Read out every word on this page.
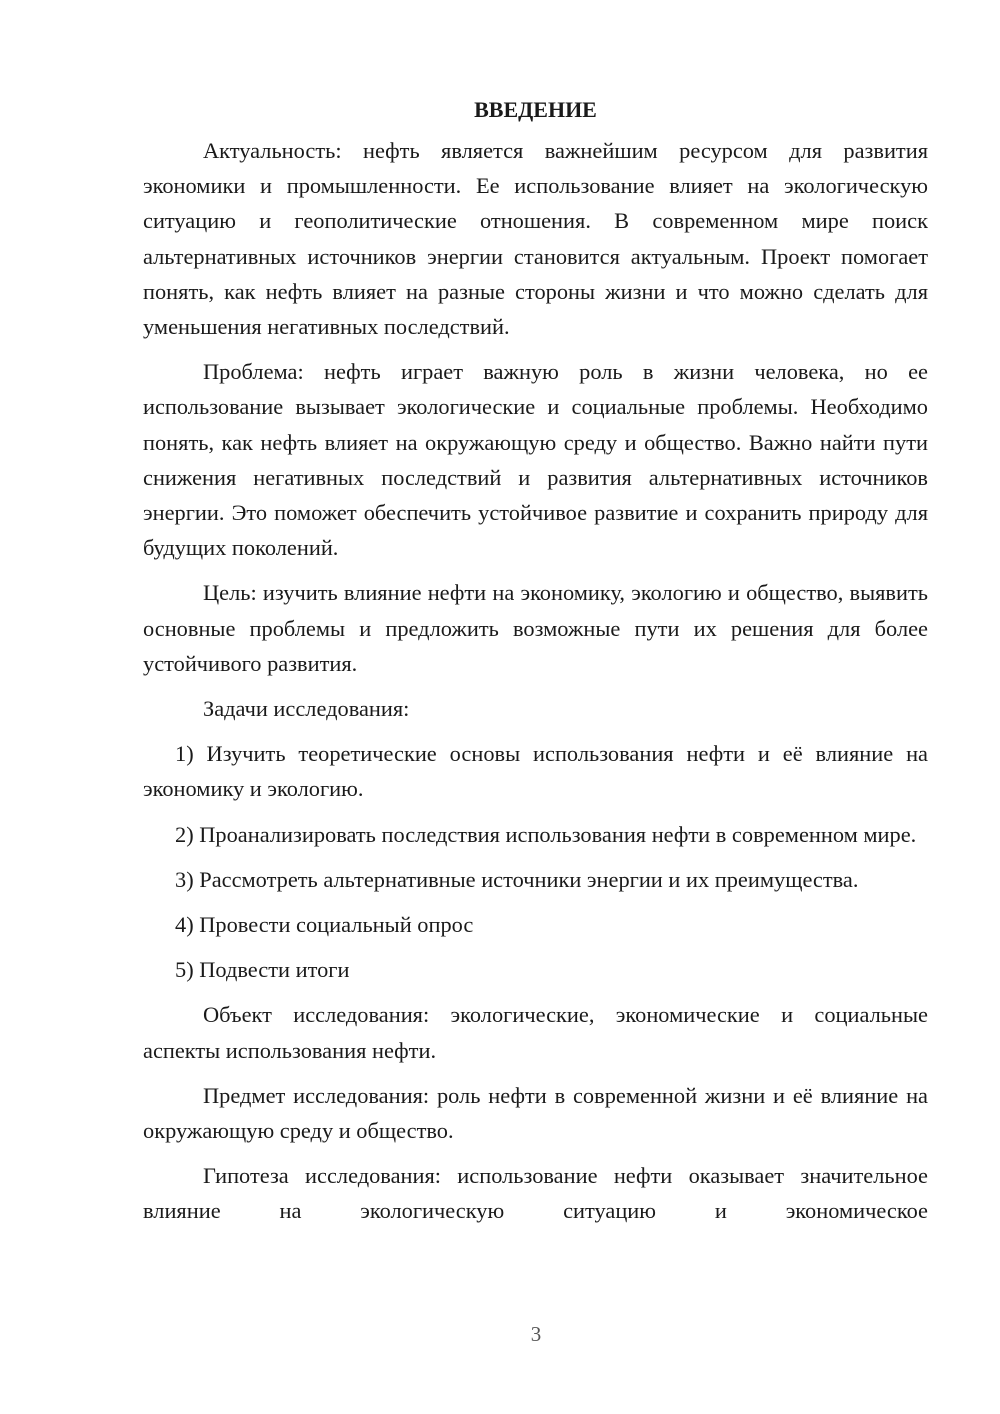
ВВЕДЕНИЕ

Актуальность: нефть является важнейшим ресурсом для развития экономики и промышленности. Ее использование влияет на экологическую ситуацию и геополитические отношения. В современном мире поиск альтернативных источников энергии становится актуальным. Проект помогает понять, как нефть влияет на разные стороны жизни и что можно сделать для уменьшения негативных последствий.

Проблема: нефть играет важную роль в жизни человека, но ее использование вызывает экологические и социальные проблемы. Необходимо понять, как нефть влияет на окружающую среду и общество. Важно найти пути снижения негативных последствий и развития альтернативных источников энергии. Это поможет обеспечить устойчивое развитие и сохранить природу для будущих поколений.

Цель: изучить влияние нефти на экономику, экологию и общество, выявить основные проблемы и предложить возможные пути их решения для более устойчивого развития.

Задачи исследования:

1) Изучить теоретические основы использования нефти и её влияние на экономику и экологию.

2) Проанализировать последствия использования нефти в современном мире.

3) Рассмотреть альтернативные источники энергии и их преимущества.

4) Провести социальный опрос

5) Подвести итоги

Объект исследования: экологические, экономические и социальные аспекты использования нефти.

Предмет исследования: роль нефти в современной жизни и её влияние на окружающую среду и общество.

Гипотеза исследования: использование нефти оказывает значительное влияние на экологическую ситуацию и экономическое

3
